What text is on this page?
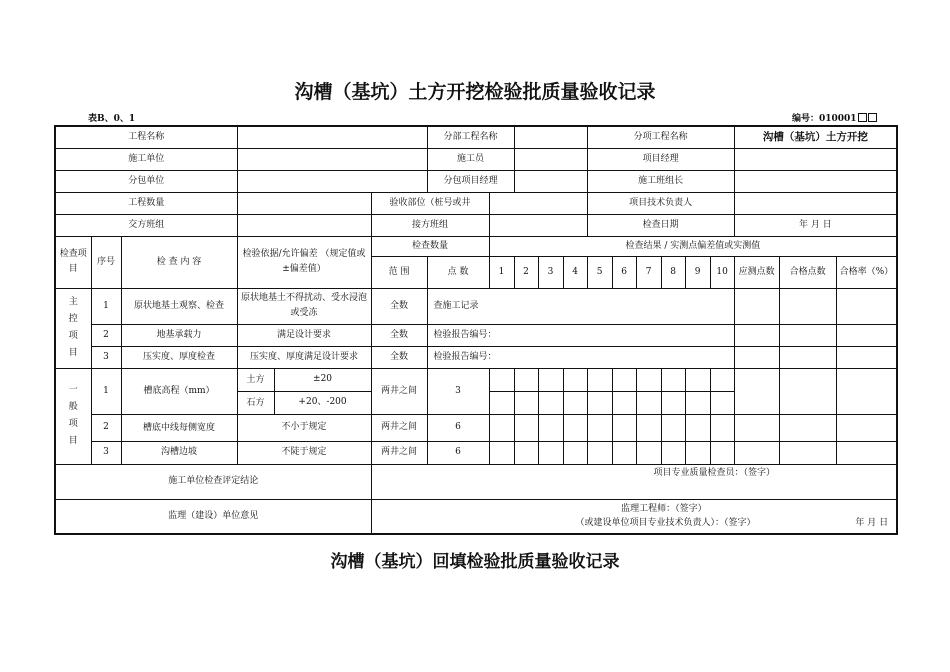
沟槽（基坑）土方开挖检验批质量验收记录
表B、0、1	编号：010001
工程名称					分部工程名称					分项工程名称						沟槽（基坑）土方开挖		
施工单位					施工员					项目经理								
分包单位					分包项目经理					施工班组长								
工程数量				验收部位（桩号或井						项目技术负责人								
交方班组				接方班组						检查日期						年 月 日		
检查项目	序号	检 查 内 容	检验依据/允许偏差 （规定值或±偏差值）	检查数量		检查结果 / 实测点偏差值或实测值												
				范 围	点 数	1	2	3	4	5	6	7	8	9	10	应测点数	合格点数	合格率（%）

主
控
项
目	1	原状地基土观察、检查	原状地基土不得扰动、受水浸泡或受冻	全数	查施工记录													
	2	地基承载力	满足设计要求	全数	检验报告编号：													
	3	压实度、厚度检查	压实度、厚度满足设计要求	全数	检验报告编号：													

一
般
项
目	1	槽底高程（mm）	土方 ±20	两井之间	3													

			石方 +20、-200															

	2	槽底中线每侧宽度	不小于规定	两井之间	6													
	3	沟槽边坡	不陡于规定	两井之间	6													
施工单位检查评定结论				项目专业质量检查员：（签字）														

监理（建设）单位意见				监理工程师：（签字）
（或建设单位项目专业技术负责人）：（签字） 年 月 日														
沟槽（基坑）回填检验批质量验收记录
